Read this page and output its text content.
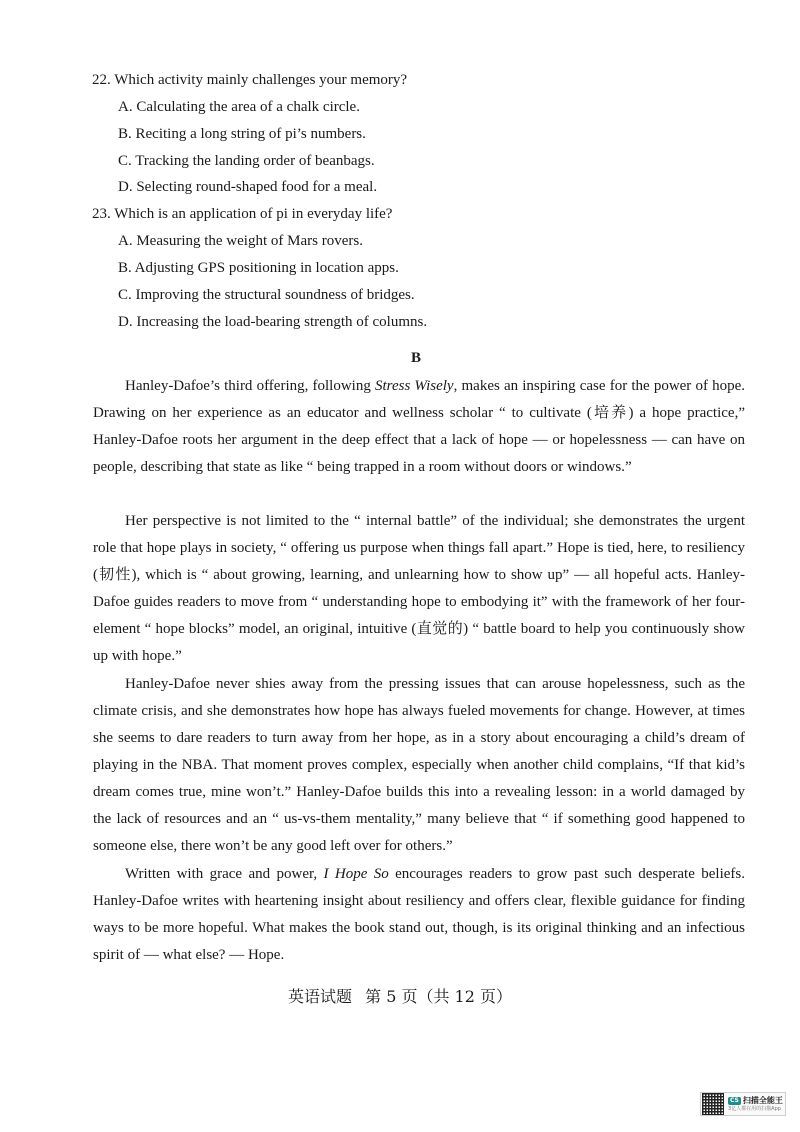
22. Which activity mainly challenges your memory?
A. Calculating the area of a chalk circle.
B. Reciting a long string of pi’s numbers.
C. Tracking the landing order of beanbags.
D. Selecting round-shaped food for a meal.
23. Which is an application of pi in everyday life?
A. Measuring the weight of Mars rovers.
B. Adjusting GPS positioning in location apps.
C. Improving the structural soundness of bridges.
D. Increasing the load-bearing strength of columns.
B
Hanley-Dafoe’s third offering, following Stress Wisely, makes an inspiring case for the power of hope. Drawing on her experience as an educator and wellness scholar “ to cultivate (培养) a hope practice,” Hanley-Dafoe roots her argument in the deep effect that a lack of hope — or hopelessness — can have on people, describing that state as like “ being trapped in a room without doors or windows.”
Her perspective is not limited to the “ internal battle” of the individual; she demonstrates the urgent role that hope plays in society, “ offering us purpose when things fall apart.” Hope is tied, here, to resiliency (韧性), which is “ about growing, learning, and unlearning how to show up” — all hopeful acts. Hanley-Dafoe guides readers to move from “ understanding hope to embodying it” with the framework of her four-element “ hope blocks” model, an original, intuitive (直觉的) “ battle board to help you continuously show up with hope.”
Hanley-Dafoe never shies away from the pressing issues that can arouse hopelessness, such as the climate crisis, and she demonstrates how hope has always fueled movements for change. However, at times she seems to dare readers to turn away from her hope, as in a story about encouraging a child’s dream of playing in the NBA. That moment proves complex, especially when another child complains, “If that kid’s dream comes true, mine won’t.” Hanley-Dafoe builds this into a revealing lesson: in a world damaged by the lack of resources and an “ us-vs-them mentality,” many believe that “ if something good happened to someone else, there won’t be any good left over for others.”
Written with grace and power, I Hope So encourages readers to grow past such desperate beliefs. Hanley-Dafoe writes with heartening insight about resiliency and offers clear, flexible guidance for finding ways to be more hopeful. What makes the book stand out, though, is its original thinking and an infectious spirit of — what else? — Hope.
英语试题 第 5 页（共 12 页）
CS 扫描全能王
3亿人都在用的扫描App
